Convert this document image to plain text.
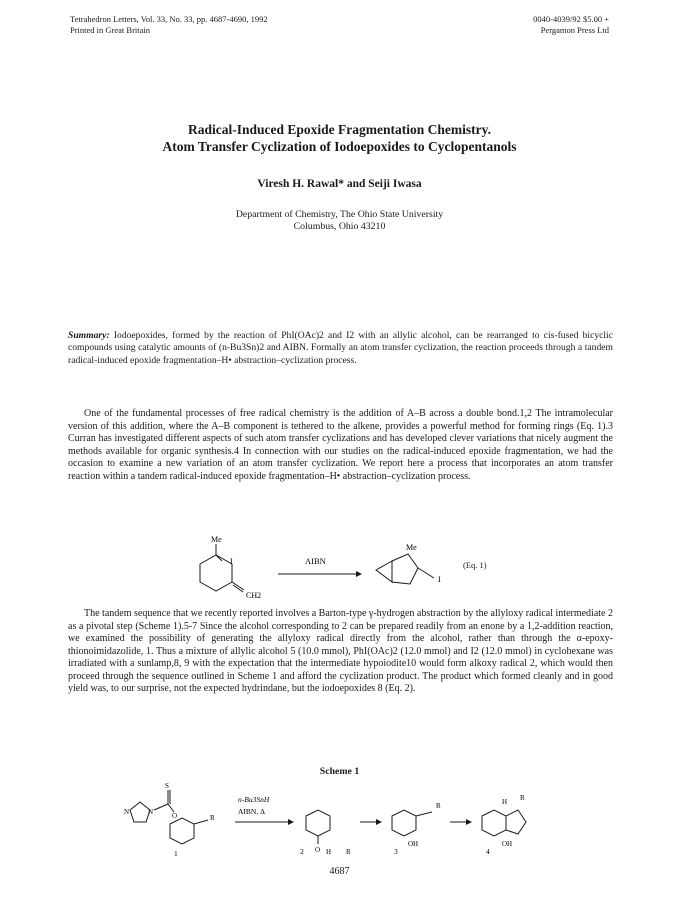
Tetrahedron Letters, Vol. 33, No. 33, pp. 4687-4690, 1992
Printed in Great Britain
0040-4039/92 $5.00 +
Pergamon Press Ltd
Radical-Induced Epoxide Fragmentation Chemistry.
Atom Transfer Cyclization of Iodoepoxides to Cyclopentanols
Viresh H. Rawal* and Seiji Iwasa
Department of Chemistry, The Ohio State University
Columbus, Ohio 43210
Summary: Iodoepoxides, formed by the reaction of PhI(OAc)2 and I2 with an allylic alcohol, can be rearranged to cis-fused bicyclic compounds using catalytic amounts of (n-Bu3Sn)2 and AIBN. Formally an atom transfer cyclization, the reaction proceeds through a tandem radical-induced epoxide fragmentation–H• abstraction–cyclization process.
One of the fundamental processes of free radical chemistry is the addition of A–B across a double bond.1,2 The intramolecular version of this addition, where the A–B component is tethered to the alkene, provides a powerful method for forming rings (Eq. 1).3 Curran has investigated different aspects of such atom transfer cyclizations and has developed clever variations that nicely augment the methods available for organic synthesis.4 In connection with our studies on the radical-induced epoxide fragmentation, we had the occasion to examine a new variation of an atom transfer cyclization. We report here a process that incorporates an atom transfer reaction within a tandem radical-induced epoxide fragmentation–H• abstraction–cyclization process.
Me
I
CH2
AIBN
Me
I
(Eq. 1)
The tandem sequence that we recently reported involves a Barton-type γ-hydrogen abstraction by the allyloxy radical intermediate 2 as a pivotal step (Scheme 1).5-7 Since the alcohol corresponding to 2 can be prepared readily from an enone by a 1,2-addition reaction, we examined the possibility of generating the allyloxy radical directly from the alcohol, rather than through the α-epoxy-thionoimidazolide, 1. Thus a mixture of allylic alcohol 5 (10.0 mmol), PhI(OAc)2 (12.0 mmol) and I2 (12.0 mmol) in cyclohexane was irradiated with a sunlamp,8, 9 with the expectation that the intermediate hypoiodite10 would form alkoxy radical 2, which would then proceed through the sequence outlined in Scheme 1 and afford the cyclization product. The product which formed cleanly and in good yield was, to our surprise, not the expected hydrindane, but the iodoepoxides 8 (Eq. 2).
Scheme 1
N	N
S
O	R
1
n-Bu3SnH
AIBN, Δ
O H R
2
R
OH
3
H R
OH
4
4687
